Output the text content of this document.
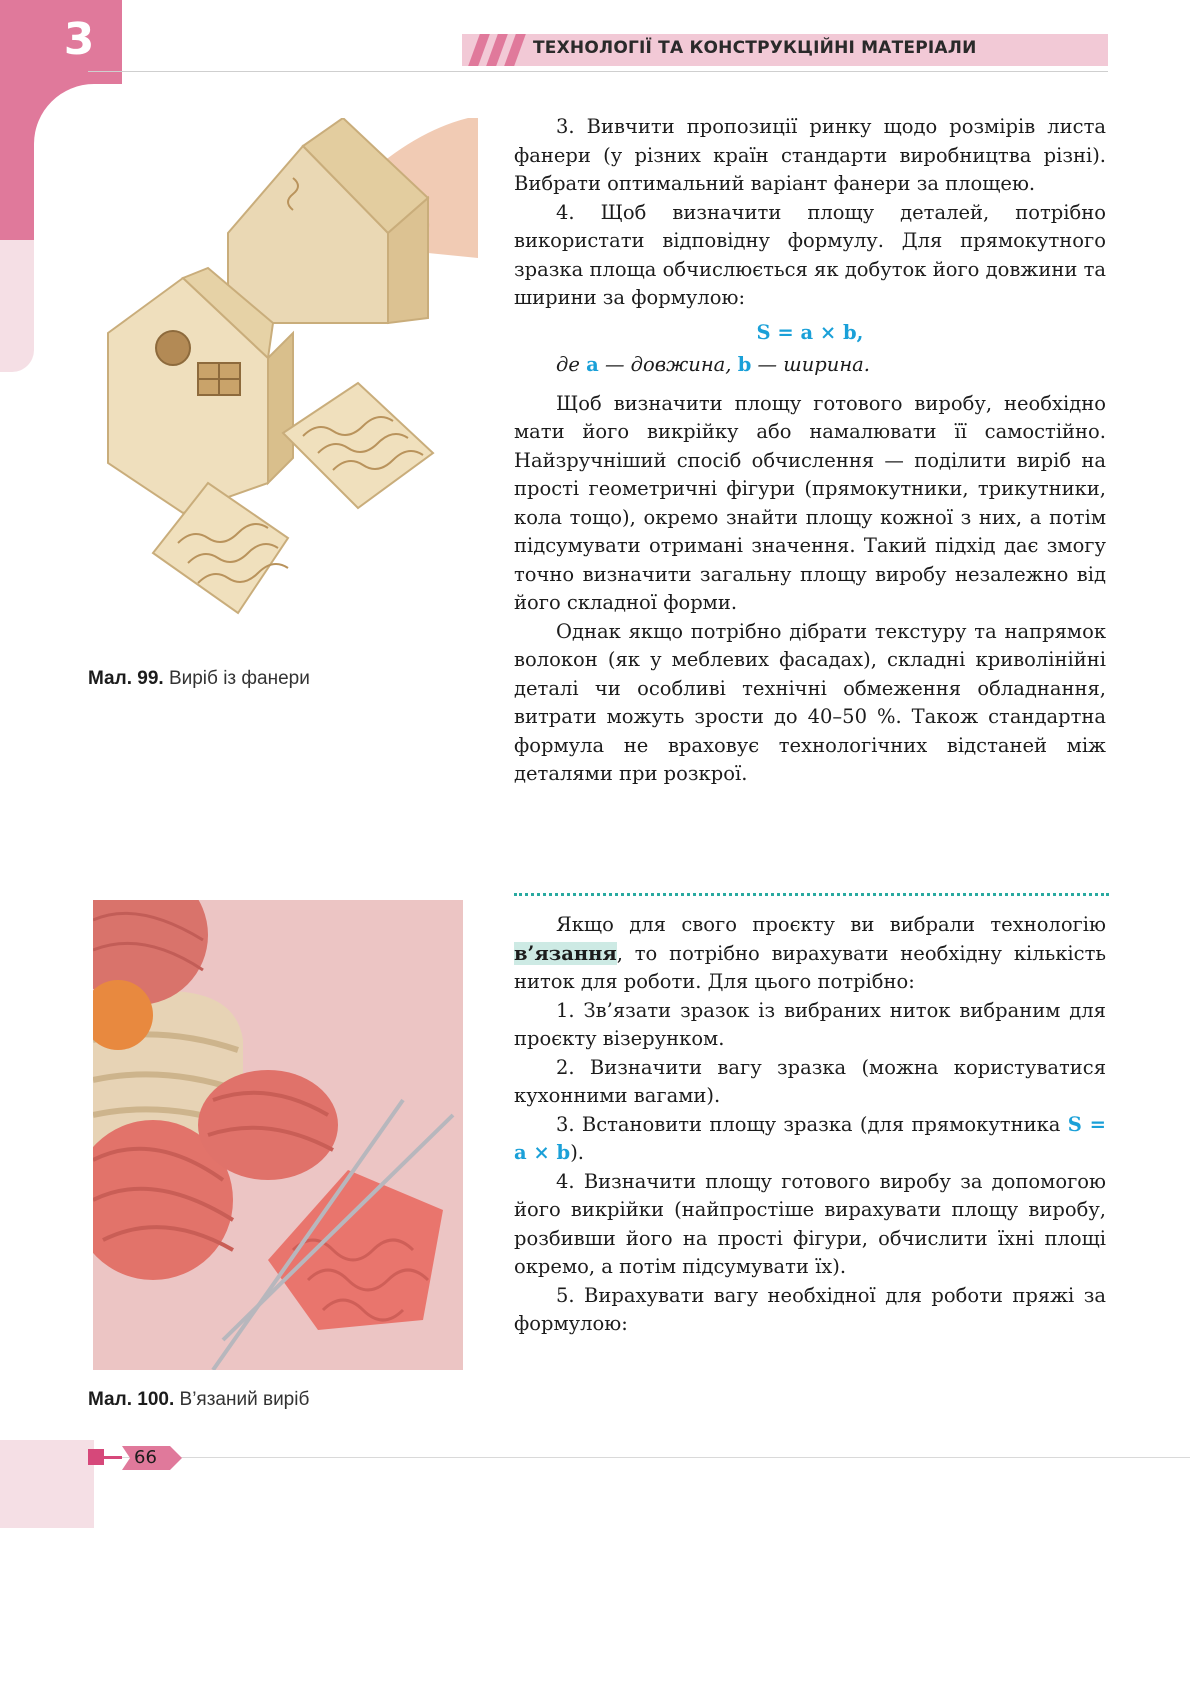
3	ТЕХНОЛОГІЇ ТА КОНСТРУКЦІЙНІ МАТЕРІАЛИ
Мал. 99. Виріб із фанери
Мал. 100. В’язаний виріб

3. Вивчити пропозиції ринку щодо розмірів листа фанери (у різних країн стандарти виробництва різні). Вибрати оптимальний варіант фанери за площею.

4. Щоб визначити площу деталей, потрібно використати відповідну формулу. Для прямокутного зразка площа обчислюється як добуток його довжини та ширини за формулою:

S = a × b,
де a — довжина, b — ширина.

Щоб визначити площу готового виробу, необхідно мати його викрійку або намалювати її самостійно. Найзручніший спосіб обчислення — поділити виріб на прості геометричні фігури (прямокутники, трикутники, кола тощо), окремо знайти площу кожної з них, а потім підсумувати отримані значення. Такий підхід дає змогу точно визначити загальну площу виробу незалежно від його складної форми.

Однак якщо потрібно дібрати текстуру та напрямок волокон (як у меблевих фасадах), складні криволінійні деталі чи особливі технічні обмеження обладнання, витрати можуть зрости до 40–50 %. Також стандартна формула не враховує технологічних відстаней між деталями при розкрої.

Якщо для свого проєкту ви вибрали технологію в’язання, то потрібно вирахувати необхідну кількість ниток для роботи. Для цього потрібно:

1. Зв’язати зразок із вибраних ниток вибраним для проєкту візерунком.

2. Визначити вагу зразка (можна користуватися кухонними вагами).

3. Встановити площу зразка (для прямокутника S = a × b).

4. Визначити площу готового виробу за допомогою його викрійки (найпростіше вирахувати площу виробу, розбивши його на прості фігури, обчислити їхні площі окремо, а потім підсумувати їх).

5. Вирахувати вагу необхідної для роботи пряжі за формулою:

66
